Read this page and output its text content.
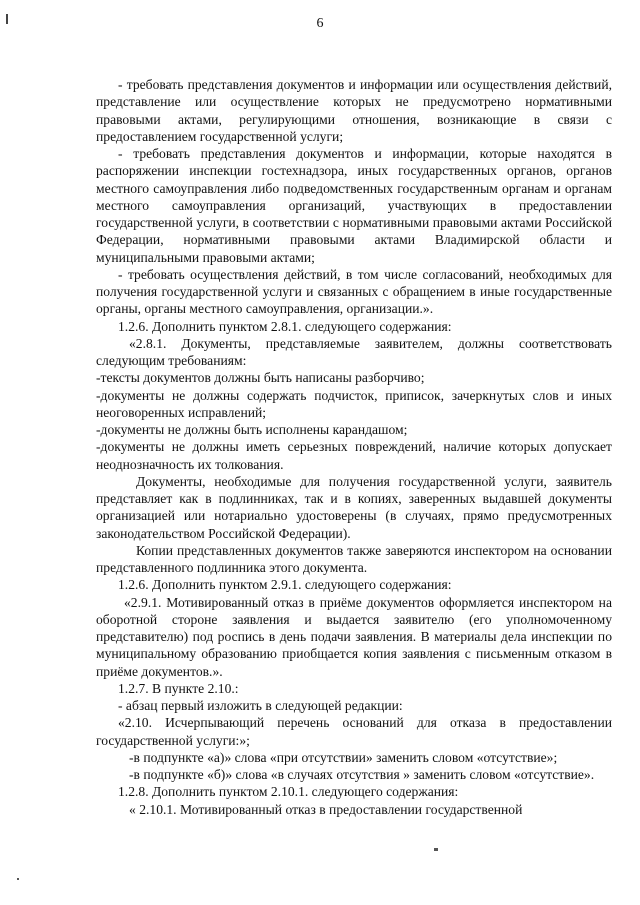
6

- требовать представления документов и информации или осуществления действий, представление или осуществление которых не предусмотрено нормативными правовыми актами, регулирующими отношения, возникающие в связи с предоставлением государственной услуги;

- требовать представления документов и информации, которые находятся в распоряжении инспекции гостехнадзора, иных государственных органов, органов местного самоуправления либо подведомственных государственным органам и органам местного самоуправления организаций, участвующих в предоставлении государственной услуги, в соответствии с нормативными правовыми актами Российской Федерации, нормативными правовыми актами Владимирской области и муниципальными правовыми актами;

- требовать осуществления действий, в том числе согласований, необходимых для получения государственной услуги и связанных с обращением в иные государственные органы, органы местного самоуправления, организации.».

1.2.6. Дополнить пунктом 2.8.1. следующего содержания:

«2.8.1. Документы, представляемые заявителем, должны соответствовать следующим требованиям:

-тексты документов должны быть написаны разборчиво;

-документы не должны содержать подчисток, приписок, зачеркнутых слов и иных неоговоренных исправлений;

-документы не должны быть исполнены карандашом;

-документы не должны иметь серьезных повреждений, наличие которых допускает неоднозначность их толкования.

Документы, необходимые для получения государственной услуги, заявитель представляет как в подлинниках, так и в копиях, заверенных выдавшей документы организацией или нотариально удостоверены (в случаях, прямо предусмотренных законодательством Российской Федерации).

Копии представленных документов также заверяются инспектором на основании представленного подлинника этого документа.

1.2.6. Дополнить пунктом 2.9.1. следующего содержания:

«2.9.1. Мотивированный отказ в приёме документов оформляется инспектором на оборотной стороне заявления и выдается заявителю (его уполномоченному представителю) под роспись в день подачи заявления. В материалы дела инспекции по муниципальному образованию приобщается копия заявления с письменным отказом в приёме документов.».

1.2.7. В пункте 2.10.:

- абзац первый изложить в следующей редакции:

«2.10. Исчерпывающий перечень оснований для отказа в предоставлении государственной услуги:»;

-в подпункте «а)» слова «при отсутствии» заменить словом «отсутствие»;

-в подпункте «б)» слова «в случаях отсутствия » заменить словом «отсутствие».

1.2.8. Дополнить пунктом 2.10.1. следующего содержания:

« 2.10.1. Мотивированный отказ в предоставлении государственной
